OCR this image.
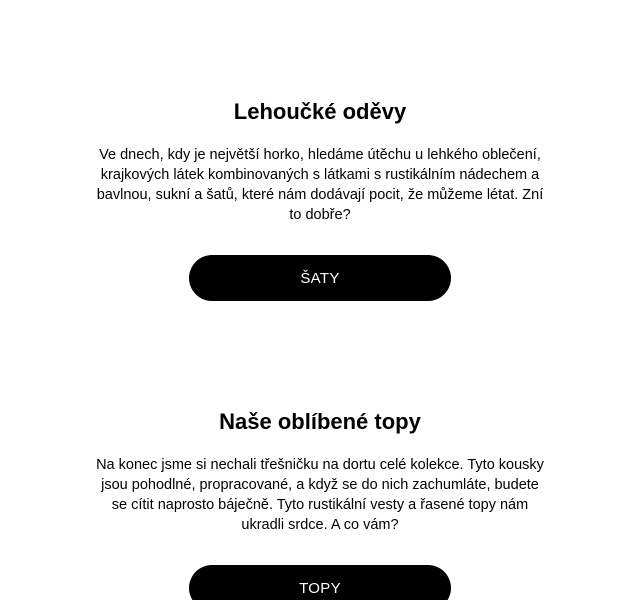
Lehoučké oděvy

Ve dnech, kdy je největší horko, hledáme útěchu u lehkého oblečení, krajkových látek kombinovaných s látkami s rustikálním nádechem a bavlnou, sukní a šatů, které nám dodávají pocit, že můžeme létat. Zní to dobře?

ŠATY
Naše oblíbené topy

Na konec jsme si nechali třešničku na dortu celé kolekce. Tyto kousky jsou pohodlné, propracované, a když se do nich zachumláte, budete se cítit naprosto báječně. Tyto rustikální vesty a řasené topy nám ukradli srdce. A co vám?

TOPY
